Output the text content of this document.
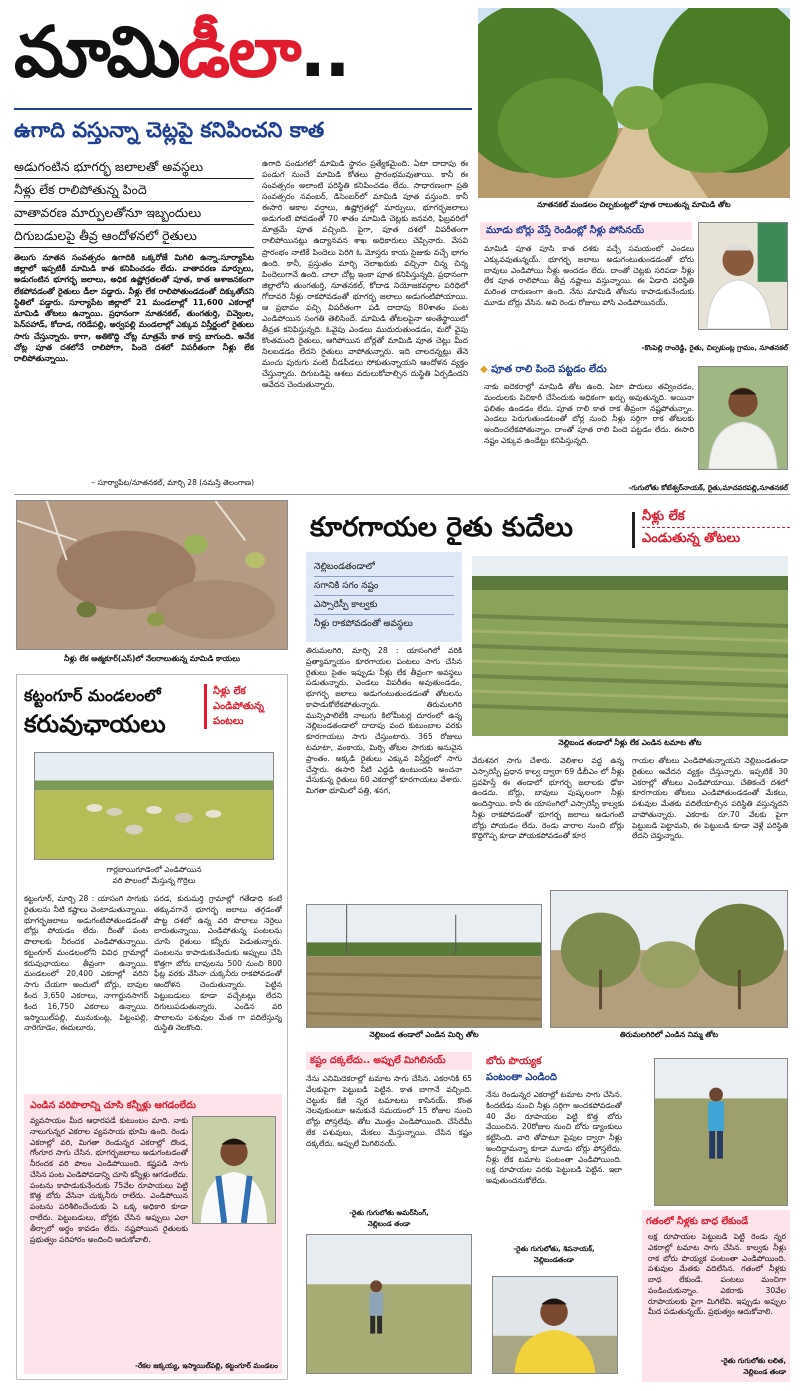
మామిడీలా..
ఉగాది వస్తున్నా చెట్లపై కనిపించని కాత
నూతనకల్ మండలం చిల్పకుంట్లలో పూత రాలుతున్న మామిడి తోట
అడుగంటిన భూగర్భ జలాలతో అవస్థలు
నీళ్లు లేక రాలిపోతున్న పిందె
వాతావరణ మార్పులతోనూ ఇబ్బందులు
దిగుబడులపై తీవ్ర ఆందోళనలో రైతులు
తెలుగు నూతన సంవత్సరం ఉగాదికి ఒక్కరోజే మిగిలి ఉన్నా.సూర్యాపేట జిల్లాలో ఇప్పటికీ మామిడి కాత కనిపించడం లేదు. వాతావరణ మార్పులు, అడుగంటిన భూగర్భ జలాలు, అధిక ఉష్ణోగ్రతలతో పూత, కాత ఆశాజనకంగా లేకపోవడంతో రైతులు డీలా పడ్డారు. నీళ్లు లేక రాలిపోతుండడంతో దిక్కుతోచని స్థితిలో పడ్డారు. సూర్యాపేట జిల్లాలో 21 మండలాల్లో 11,600 ఎకరాల్లో మామిడి తోటలు ఉన్నాయి. ప్రధానంగా నూతనకల్, తుంగతుర్తి, చివ్వెంల, పెన్‌పహాడ్, కోదాడ, గరిడేపల్లి, అర్వపల్లి మండలాల్లో ఎక్కువ విస్తీర్ణంలో రైతులు సాగు చేస్తున్నారు. కాగా, అతికొద్ది చోట్ల మాత్రమే కాత కాస్త బాగుంది. అనేక చోట్ల పూత దశలోనే రాలిపోగా, పిందె దశలో విపరీతంగా నీళ్లు లేక రాలిపోతున్నాయి.
– సూర్యాపేట/నూతనకల్, మార్చి 28 (నమస్తే తెలంగాణ)
ఉగాది పండుగలో మామిడి స్థానం ప్రత్యేకమైంది. ఏటా దాదాపు ఈ పండుగ నుంచే మామిడి కోతలు ప్రారంభమవుతాయి. కానీ ఈ సంవత్సరం అలాంటి పరిస్థితి కనిపించడం లేదు. సాధారణంగా ప్రతి సంవత్సరం నవంబర్, డిసెంబర్‌లో మామిడి పూత వస్తుంది. కానీ ఈసారి అకాల వర్షాలు, ఉష్ణోగ్రతల్లో మార్పులు, భూగర్భజలాలు అడుగంటి పోవడంతో 70 శాతం మామిడి చెట్లకు జనవరి, ఫిబ్రవరిలో మాత్రమే పూత వచ్చింది. పైగా, పూత దశలో విపరీతంగా రాలిపోయినట్లు ఉద్యానవన శాఖ అధికారులు చెప్పినారు. వేసవి ప్రారంభం నాటికే పిందెలు పెరిగి ఓ మోస్తరు కాయ సైజుకు వచ్చే భాగం ఉంది. కానీ, ప్రస్తుతం మార్చి నెలాఖరుకు వచ్చినా చిన్న చిన్న పిందెలుగానే ఉంది. చాలా చోట్ల ఇంకా పూత కనిపిస్తున్నది. ప్రధానంగా జిల్లాలోని తుంగతుర్తి, నూతనకల్, కోదాడ నియోజకవర్గాల పరిధిలో గోదావరి నీళ్లు రాకపోవడంతో భూగర్భ జలాలు అడుగంటిపోయాయి. ఆ ప్రభావం పచ్చి విపరీతంగా పడి దాదాపు 80శాతం పంట ఎండిపోయిన సంగతి తెలిసిందే. మామిడి తోటలపైనా అంతేస్థాయిలో తీవ్రత కనిపిస్తున్నది. ఓవైపు ఎండలు ముదురుతుండడం, మరో వైపు కొంతమంది రైతులు, ఆగిపోయిన బోర్లతో మామిడి పూత చెట్లు మీద నిలబడడం లేదని రైతులు వాపోతున్నారు. ఇది చాలదన్నట్లు తేనె మంచు పురుగు వంటి చీడపీడలు సోకుతున్నాయని ఆందోళన వ్యక్తం చేస్తున్నారు. దిగుబడిపై ఆశలు వదులుకోవాల్సిన దుస్థితి ఏర్పడిందని ఆవేదన చెందుతున్నారు.
మూడు బోర్లు వేస్తే రెండింట్లో నీళ్లు పోసినయ్
మామిడి పూత పూసి కాత దశకు వచ్చే సమయంలో ఎండలు ఎక్కువవుతున్నయ్. భూగర్భ జలాలు అడుగంటుతుండడంతో బోరు బావులు ఎండిపోయి నీళ్లు అందడం లేదు. దాంతో చెట్లకు సరిపడా నీళ్లు లేక పూత రాలిపోయి తీవ్ర నష్టాలు వస్తున్నాయి. ఈ ఏడాది పరిస్థితి మరింత దారుణంగా ఉంది. నేను మామిడి తోటను కాపాడుకునేందుకు మూడు బోర్లు వేసిన. అవి రెండు రోజులు పోసి ఎండిపోయినయ్.
-కొంపెల్లి రాంరెడ్డి, రైతు, చిల్పకుంట్ల గ్రామం, నూతనకల్
◆ పూత రాలి పిందె పట్టడం లేదు
నాకు ఐదెకరాల్లో మామిడి తోట ఉంది. ఏటా పొదులు తవ్వించడం, మందులకు పిచికారీ చేసేందుకు అధికంగా ఖర్చు అవుతున్నది. అయినా ఫలితం ఉండడం లేదు. పూత రాలి కాత రాక తీవ్రంగా నష్టపోతున్నాం. ఎండలు పెరుగుతుండటంతో బోర్ల నుంచి నీళ్లు సర్గిగా రాక తోటలకు అందించలేకపోతున్నాం. దాంతో పూత రాలి పిందె పట్టడం లేదు. ఈసారి నష్టం ఎక్కువ ఉండేట్టు కనిపిస్తున్నది.
-గుగులోతు కోటేశ్వర్‌నాయక్, రైతు,మాచవరపల్లి,నూతనకల్
నీళ్లు లేక ఆత్మకూర్(ఎస్)లో నేలరాలుతున్న మామిడి కాయలు
కూరగాయల రైతు కుదేలు	నీళ్లు లేక
ఎండుతున్న తోటలు
నెల్లిబండతండాలో
సగానికి సగం నష్టం
ఎస్సారెస్పీ కాల్వకు
నీళ్లు రాకపోవడంతో అవస్థలు
నెల్లిబండ తండాలో నీళ్లు లేక ఎండిన టమాట తోట
తిరుమలగిరి, మార్చి 28 : యాసంగిలో వరికి ప్రత్యామ్నాయం కూరగాయల పంటలు సాగు చేసిన రైతులు సైతం ఇప్పుడు నీళ్లు లేక తీవ్రంగా అవస్థలు పడుతున్నారు. ఎండలు విపరీతం అవుతుండడం, భూగర్భ జలాలు అడుగంటుతుండడంతో తోటలను కాపాడుకోలేకపోతున్నారు. తిరుమలగిరి మున్సిపాలిటీకి నాలుగు కిలోమీటర్ల దూరంలో ఉన్న నెల్లిబండతండాలో దాదాపు వంద కుటుంబాల వరకు కూరగాయలు సాగు చేస్తుంటారు. 365 రోజులు టమాటా, వంకాయ, మిర్చి తోటల సాగుకు అనువైన ప్రాంతం. అక్కడి రైతులు ఎక్కువ విస్తీర్ణంలో సాగు చేస్తారు. ఈసారి నీటి ఎద్దడి ఉంటుందని అంచనా వేసుకున్న రైతులు 60 ఎకరాల్లో కూరగాయలు వేశారు. మిగతా భూమిలో పత్తి, శనగ,
వేరుశనగ సాగు చేశారు. వెలిశాల వద్ద ఉన్న ఎస్సారెస్పీ ప్రధాన కాల్వ ద్వారా 69 డీబీఎం లో నీళ్లు ప్రవహిస్తే ఈ తండాలో భూగర్భ జలాలకు ఢోకా ఉండదు. బోర్లు, బావులు పుష్కలంగా నీళ్లు అందిస్తాయి. కానీ ఈ యాసంగిలో ఎస్సారెస్పీ కాల్వకు నీళ్లు రాకపోవడంతో భూగర్భ జలాలు అడుగంటి బోర్లు పోయడం లేదు. రెండు వారాల నుంచి బోర్లు కొద్దిగొప్ప కూడా పోయకపోవడంతో కూర
గాయల తోటలు ఎండిపోతున్నాయని నెల్లిబండతండా రైతులు ఆవేదన వ్యక్తం చేస్తున్నారు. ఇప్పటికే 30 ఎకరాల్లో తోటలు ఎండిపోయాయి. చేతికందే దశలో కూరగాయల తోటలు ఎండిపోతుండడంతో మేకలు, పశువుల మేతకు వదిలేయాల్సిన పరిస్థితి వస్తున్నదని వాపోతున్నారు. ఎకరాకు రూ.70 వేలకు పైగా పెట్టుబడి పెట్టామని, ఈ పెట్టుబడి కూడా వెళ్లే పరిస్థితి లేదని చెప్తున్నారు.
కట్టంగూర్ మండలంలో
కరువుఛాయలు
నీళ్లు లేక
ఎండిపోతున్న
పంటలు
గార్లబాయిగూడెంలో ఎండిపోయిన
వరి పొలంలో మేస్తున్న గొర్రెలు
కట్టంగూర్, మార్చి 28 : యాసంగి సాగుకు రైతులను నీటి కష్టాలు వెంటాడుతున్నాయి. భూగర్భజలాలు అడుగంటిపోతుండడంతో బోర్లు పోయడం లేదు. దీంతో పంట పొలాలకు నీరందక ఎండిపోతున్నాయి. కట్టంగూర్ మండలంలోని వివిధ గ్రామాల్లో కరువుఛాయలు తీవ్రంగా ఉన్నాయి. మండలంలో 20,400 ఎకరాల్లో వరిని సాగు చేయగా అందులో బోర్లు, బావుల కింద 3,650 ఎకరాలు, నాగార్జునసాగర్ కింద 16,750 ఎకరాలు ఉన్నాయి. ఇస్మాయిల్‌పల్లి, మునుకుంట్ల, పిట్టంపల్లి, నారెగూడెం, ఈదులూరు,
పరడ, కురుమర్తి గ్రామాల్లో గతేడాది కంటే తక్కువగానే భూగర్భ జలాలు తగ్గడంతో పొట్ట దశలో ఉన్న వరి పొలాలు నెర్రెలు బారుతున్నాయి. ఎండిపోతున్న పంటలను చూసి రైతులు కన్నీరు పెడుతున్నారు. పంటలను కాపాడుకునేందుకు అప్పులు చేసి కొత్తగా బోరు బావులను 500 నుంచి 800 ఫీట్ల వరకు వేసినా చుక్కనీరు రాకపోవడంతో ఆందోళన చెందుతున్నారు. పెట్టిన పెట్టుబడులు కూడా వచ్చేటట్లు లేదని దిగులుపడుతున్నారు. ఎండిన వరి పొలాలను పశువుల మేత గా వదిలేస్తున్న దుస్థితి నెలకొంది.
ఎండిన వరిపొలాన్ని చూసి కన్నీళ్లు ఆగడంలేదు
వ్యవసాయం మీద ఆధారపడే కుటుంబం మాది. నాకు నాలుగున్నర ఎకరాల వ్యవసాయ భూమి ఉంది. రెండు ఎకరాల్లో వరి, మిగతా రెండున్నర ఎకరాల్లో దొండ, గోంగూర సాగు చేసిన. భూగర్భజలాలు అడుగంటడంతో నీరందక వరి పొలం ఎండిపోయింది. కష్టపడి సాగు చేసిన పంట ఎండిపోవడాన్ని చూసి కన్నీళ్లు ఆగడంలేదు. పంటను కాపాడుకునేందుకు 75వేల రూపాయలు పెట్టి కొత్త బోరు వేసినా చుక్కనీరు రాలేదు. ఎండిపోయిన పంటను పరిశీలించేందుకు ఏ ఒక్క అధికారి కూడా రాలేదు. పెట్టుబడులు, బోర్లకు చేసిన అప్పులు ఎలా తీర్చాలో అర్థం కావడం లేదు. నష్టపోయిన రైతులకు ప్రభుత్వం పరిహారం అందించి ఆదుకోవాలి.
-రేకల జక్కయ్య, ఇస్మాయిల్‌పల్లి, కట్టంగూర్ మండలం
నెల్లిబండ తండాలో ఎండిన మిర్చి తోట	తిరుమలగిరిలో ఎండిన నిమ్మ తోట
కష్టం దక్కలేదు.. అప్పులే మిగిలినయ్
నేను ఎనిమిదెకరాల్లో టమాట సాగు చేసిన. ఎకరానికి 65 వేలకుపైగా పెట్టుబడి పెట్టిన. కాత బాగానే వచ్చింది. చెట్టుకు కేజీ న్నర టమాటలు కాసినయ్. కొంత నెలవుకుంటూ అనుకునే సమయంలో 15 రోజుల నుంచి బోర్లు పోస్తలేవు. తోట మొత్తం ఎండిపోయింది. చేసేదేమీ లేక పశువులు, మేకలు మేస్తున్నాయి. చేసిన కష్టం దక్కలేదు. అప్పులే మిగిలినయ్.
-రైతు గుగులోతు అమర్‌సింగ్,
నెల్లిబండ తండా
బోరు పొయ్యక
పంటంతా ఎండింది
నేను రెండున్నర ఎకరాల్లో టమాట సాగు చేసిన. కిందటేడు నుంచి నీళ్లు సర్గిగా అందకపోవడంతో 40 వేల రూపాయల పెట్టి కొత్త బోరు వేయించిన. 20రోజుల నుంచి బోరు డ్యాంకులు కట్టేసింది. వారి తోపాటూ పైపుల ద్వారా నీళ్లు అందిద్దామన్నా కూడా మూడు బోర్లు పోస్తలేదు. నీళ్లు లేక టమాట పంటంతా ఎండిపోయింది. లక్ష రూపాయల వరకు పెట్టుబడి పెట్టిన. ఇలా అవుతుందనుకోలేదు.
-రైతు గుగులోతు, శివనాయక్,
నెల్లిబండతండా
గతంలో నీళ్లకు బాధ లేకుండే
లక్ష రూపాయల పెట్టుబడి పెట్టి రెండు న్నర ఎకరాల్లో టమాట సాగు చేసిన. కాల్వకు నీళ్లు రాక బోరు పొయ్యక పంటంతా ఎండిపోయింది. పశువుల మేతకు వదిలేసిన. గతంలో నీళ్లకు బాధ లేకుండే. పంటలు మంచిగా పండించుకున్నాం. ఎకరాకు 30వేల రూపాయలకు పైగా మిగిలేవి. ఇప్పుడు అప్పుల మీద పడుతున్నయ్. ప్రభుత్వం ఆదుకోవాలి.
-రైతు గుగులోతు లలిత,
నెల్లిబండ తండా
